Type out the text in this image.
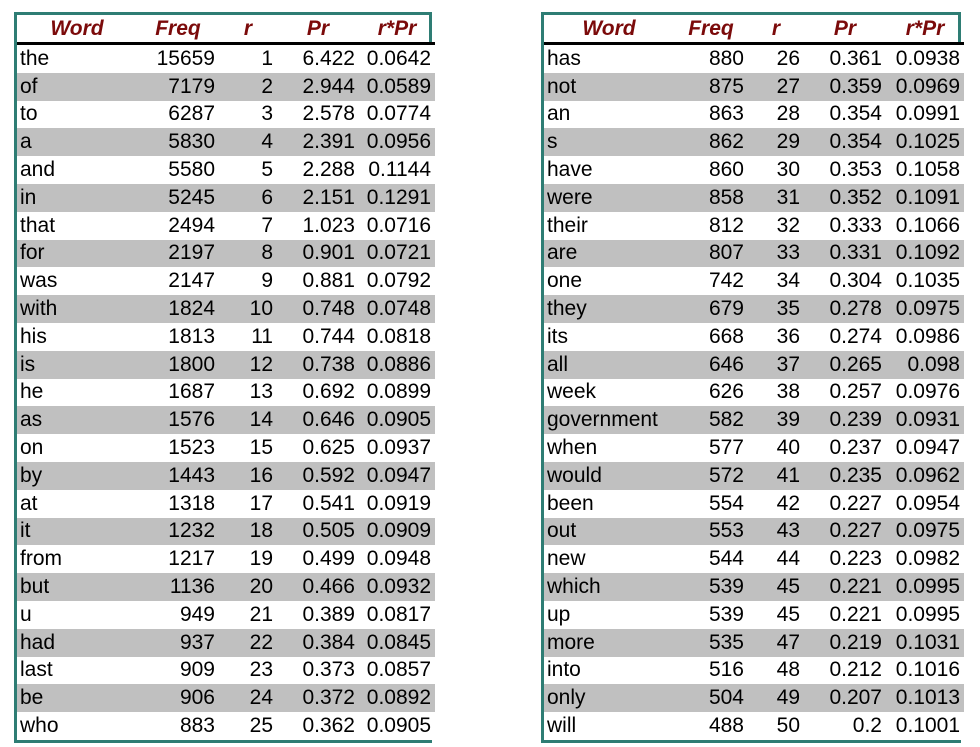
Word	Freq	r	Pr	r*Pr
the	15659	1	6.422	0.0642
of	7179	2	2.944	0.0589
to	6287	3	2.578	0.0774
a	5830	4	2.391	0.0956
and	5580	5	2.288	0.1144
in	5245	6	2.151	0.1291
that	2494	7	1.023	0.0716
for	2197	8	0.901	0.0721
was	2147	9	0.881	0.0792
with	1824	10	0.748	0.0748
his	1813	11	0.744	0.0818
is	1800	12	0.738	0.0886
he	1687	13	0.692	0.0899
as	1576	14	0.646	0.0905
on	1523	15	0.625	0.0937
by	1443	16	0.592	0.0947
at	1318	17	0.541	0.0919
it	1232	18	0.505	0.0909
from	1217	19	0.499	0.0948
but	1136	20	0.466	0.0932
u	949	21	0.389	0.0817
had	937	22	0.384	0.0845
last	909	23	0.373	0.0857
be	906	24	0.372	0.0892
who	883	25	0.362	0.0905
Word	Freq	r	Pr	r*Pr
has	880	26	0.361	0.0938
not	875	27	0.359	0.0969
an	863	28	0.354	0.0991
s	862	29	0.354	0.1025
have	860	30	0.353	0.1058
were	858	31	0.352	0.1091
their	812	32	0.333	0.1066
are	807	33	0.331	0.1092
one	742	34	0.304	0.1035
they	679	35	0.278	0.0975
its	668	36	0.274	0.0986
all	646	37	0.265	0.098
week	626	38	0.257	0.0976
government	582	39	0.239	0.0931
when	577	40	0.237	0.0947
would	572	41	0.235	0.0962
been	554	42	0.227	0.0954
out	553	43	0.227	0.0975
new	544	44	0.223	0.0982
which	539	45	0.221	0.0995
up	539	45	0.221	0.0995
more	535	47	0.219	0.1031
into	516	48	0.212	0.1016
only	504	49	0.207	0.1013
will	488	50	0.2	0.1001
